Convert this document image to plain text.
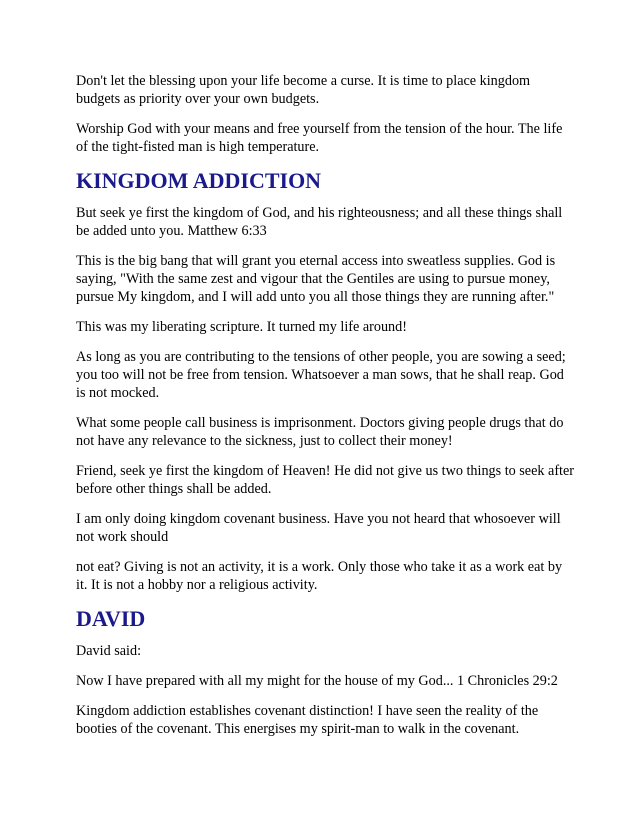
Don't let the blessing upon your life become a curse. It is time to place kingdom budgets as priority over your own budgets.

Worship God with your means and free yourself from the tension of the hour. The life of the tight-fisted man is high temperature.

KINGDOM ADDICTION

But seek ye first the kingdom of God, and his righteousness; and all these things shall be added unto you. Matthew 6:33

This is the big bang that will grant you eternal access into sweatless supplies. God is saying, "With the same zest and vigour that the Gentiles are using to pursue money, pursue My kingdom, and I will add unto you all those things they are running after."

This was my liberating scripture. It turned my life around!

As long as you are contributing to the tensions of other people, you are sowing a seed; you too will not be free from tension. Whatsoever a man sows, that he shall reap. God is not mocked.

What some people call business is imprisonment. Doctors giving people drugs that do not have any relevance to the sickness, just to collect their money!

Friend, seek ye first the kingdom of Heaven! He did not give us two things to seek after before other things shall be added.

I am only doing kingdom covenant business. Have you not heard that whosoever will not work should

not eat? Giving is not an activity, it is a work. Only those who take it as a work eat by it. It is not a hobby nor a religious activity.

DAVID

David said:

Now I have prepared with all my might for the house of my God... 1 Chronicles 29:2

Kingdom addiction establishes covenant distinction! I have seen the reality of the booties of the covenant. This energises my spirit-man to walk in the covenant.
